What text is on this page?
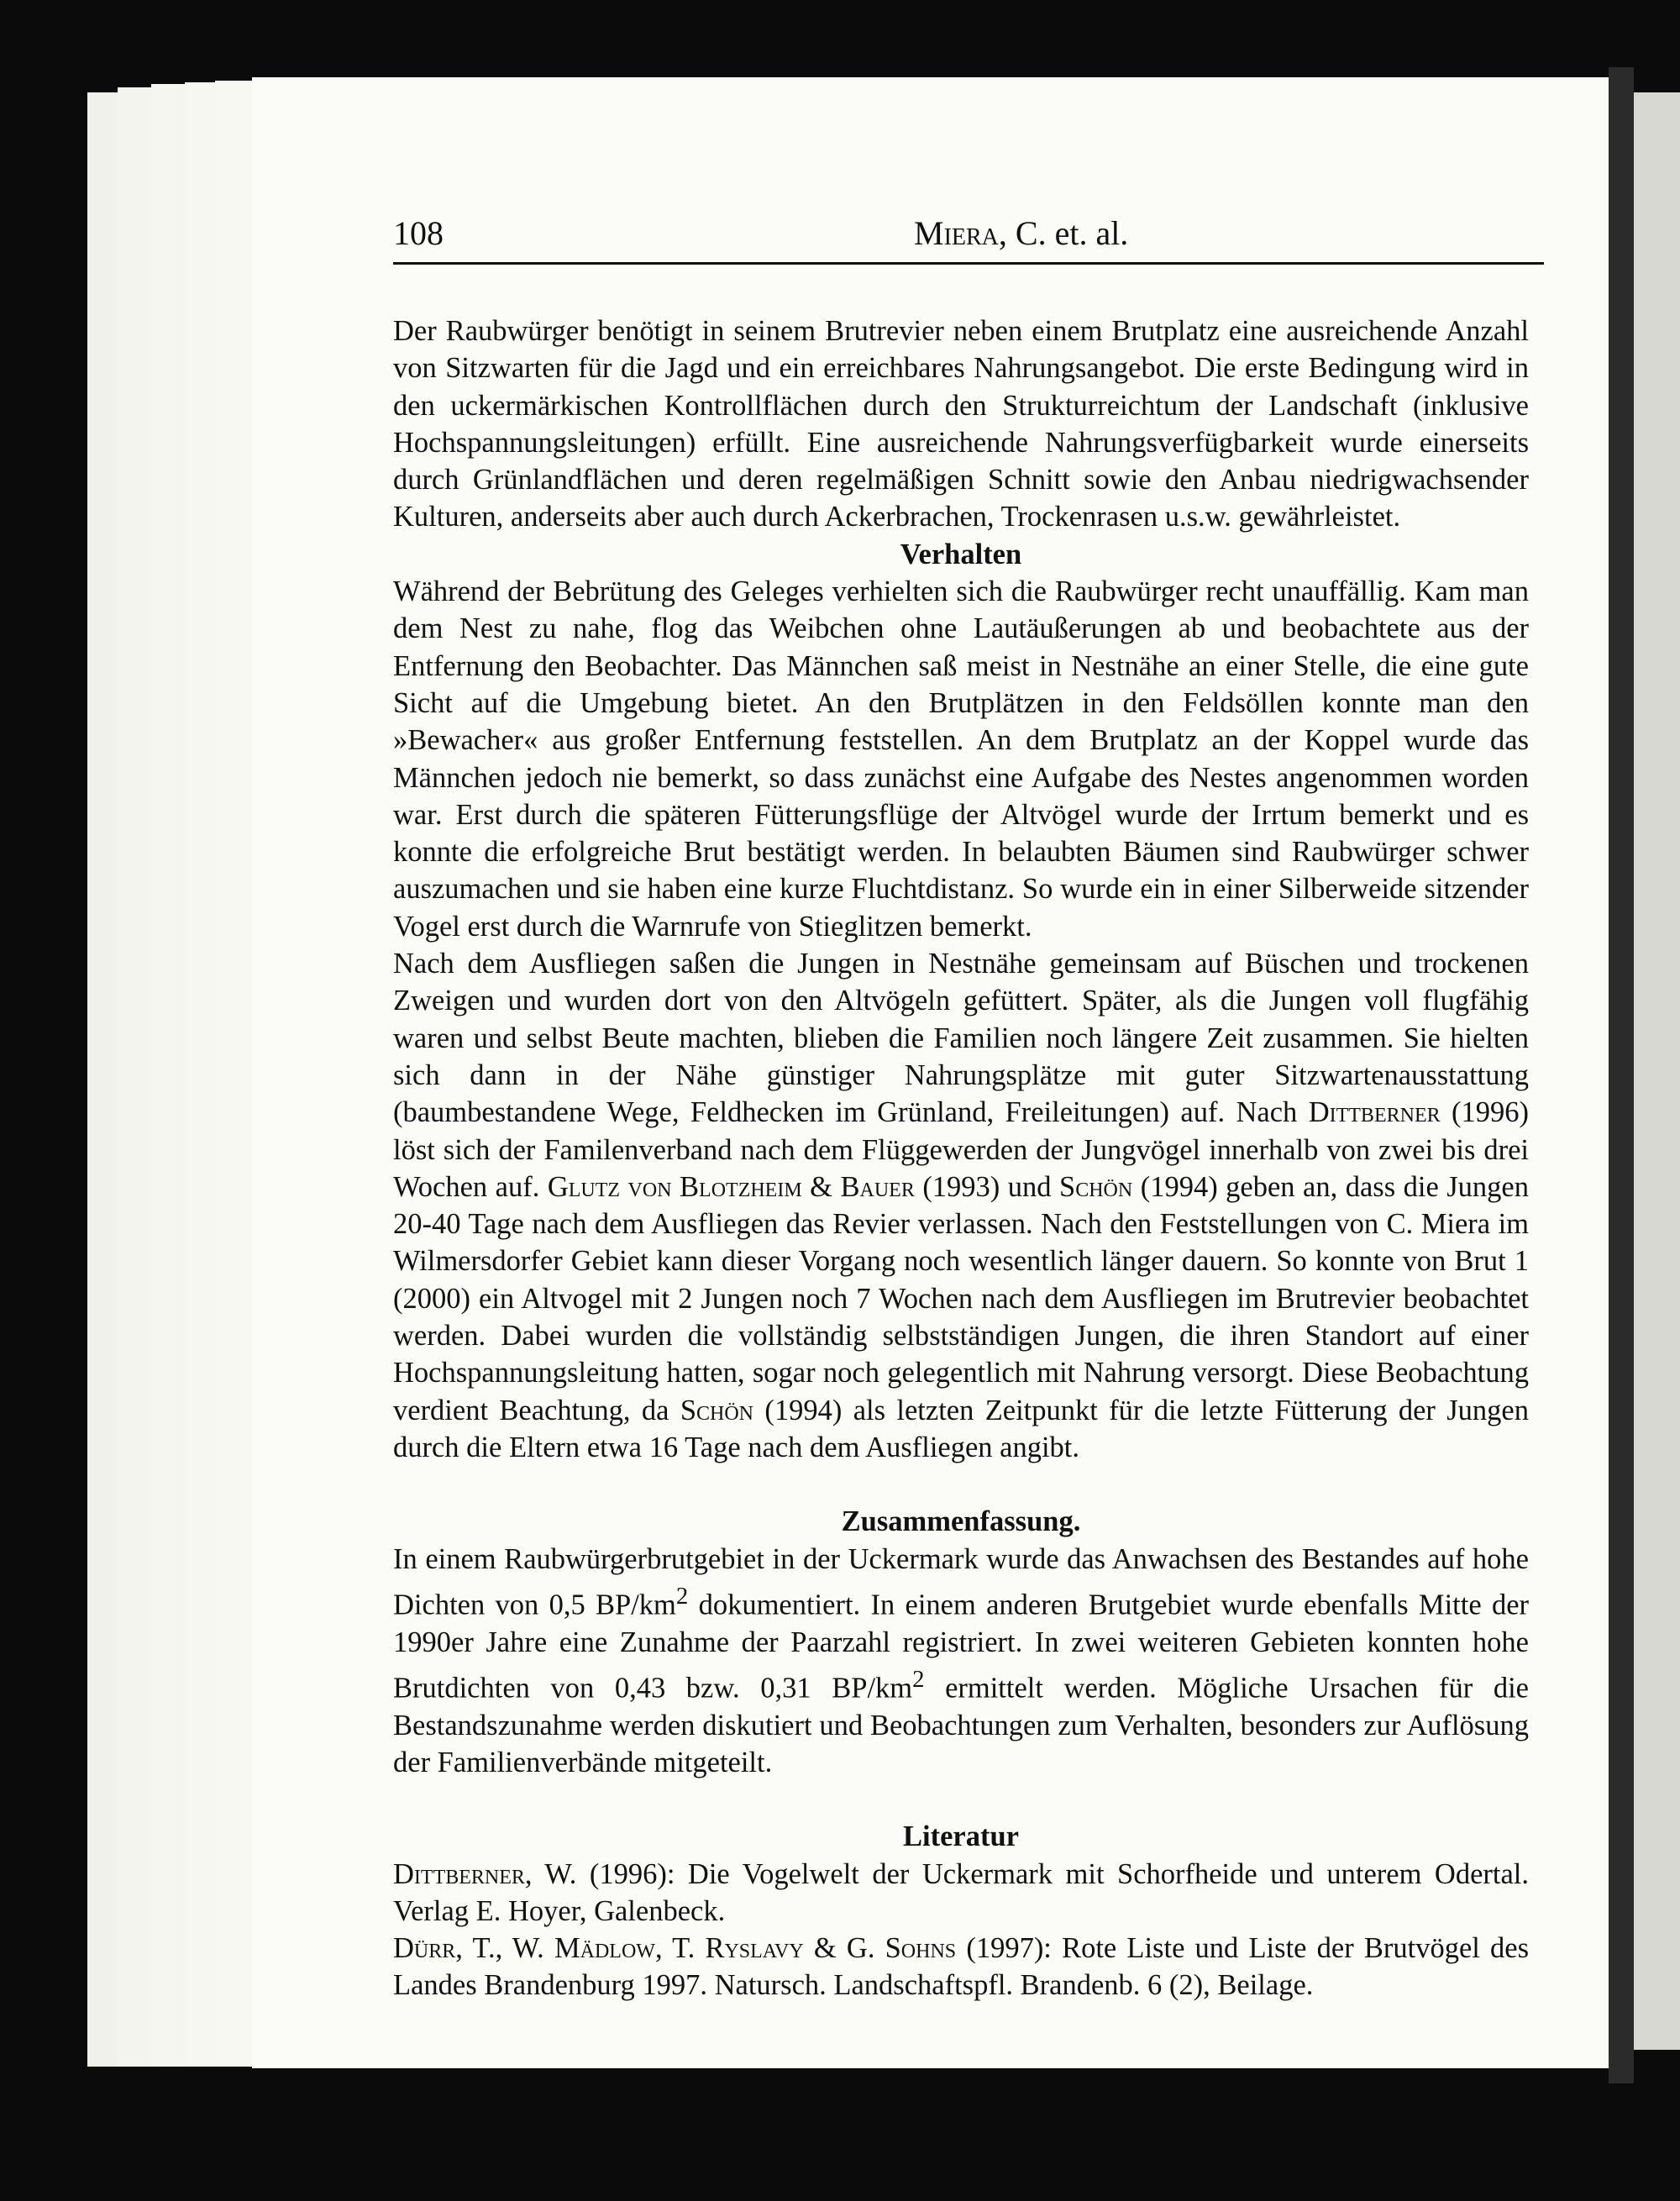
108	Miera, C. et. al.

Der Raubwürger benötigt in seinem Brutrevier neben einem Brutplatz eine ausreichende Anzahl von Sitzwarten für die Jagd und ein erreichbares Nahrungsangebot. Die erste Bedingung wird in den uckermärkischen Kontrollflächen durch den Strukturreichtum der Landschaft (inklusive Hochspannungsleitungen) erfüllt. Eine ausreichende Nahrungsverfügbarkeit wurde einerseits durch Grünlandflächen und deren regelmäßigen Schnitt sowie den Anbau niedrigwachsender Kulturen, anderseits aber auch durch Ackerbrachen, Trockenrasen u.s.w. gewährleistet.

Verhalten

Während der Bebrütung des Geleges verhielten sich die Raubwürger recht unauffällig. Kam man dem Nest zu nahe, flog das Weibchen ohne Lautäußerungen ab und beobachtete aus der Entfernung den Beobachter. Das Männchen saß meist in Nestnähe an einer Stelle, die eine gute Sicht auf die Umgebung bietet. An den Brutplätzen in den Feldsöllen konnte man den »Bewacher« aus großer Entfernung feststellen. An dem Brutplatz an der Koppel wurde das Männchen jedoch nie bemerkt, so dass zunächst eine Aufgabe des Nestes angenommen worden war. Erst durch die späteren Fütterungsflüge der Altvögel wurde der Irrtum bemerkt und es konnte die erfolgreiche Brut bestätigt werden. In belaubten Bäumen sind Raubwürger schwer auszumachen und sie haben eine kurze Fluchtdistanz. So wurde ein in einer Silberweide sitzender Vogel erst durch die Warnrufe von Stieglitzen bemerkt.

Nach dem Ausfliegen saßen die Jungen in Nestnähe gemeinsam auf Büschen und trockenen Zweigen und wurden dort von den Altvögeln gefüttert. Später, als die Jungen voll flugfähig waren und selbst Beute machten, blieben die Familien noch längere Zeit zusammen. Sie hielten sich dann in der Nähe günstiger Nahrungsplätze mit guter Sitzwartenausstattung (baumbestandene Wege, Feldhecken im Grünland, Freileitungen) auf. Nach Dittberner (1996) löst sich der Familenverband nach dem Flüggewerden der Jungvögel innerhalb von zwei bis drei Wochen auf. Glutz von Blotzheim & Bauer (1993) und Schön (1994) geben an, dass die Jungen 20-40 Tage nach dem Ausfliegen das Revier verlassen. Nach den Feststellungen von C. Miera im Wilmersdorfer Gebiet kann dieser Vorgang noch wesentlich länger dauern. So konnte von Brut 1 (2000) ein Altvogel mit 2 Jungen noch 7 Wochen nach dem Ausfliegen im Brutrevier beobachtet werden. Dabei wurden die vollständig selbstständigen Jungen, die ihren Standort auf einer Hochspannungsleitung hatten, sogar noch gelegentlich mit Nahrung versorgt. Diese Beobachtung verdient Beachtung, da Schön (1994) als letzten Zeitpunkt für die letzte Fütterung der Jungen durch die Eltern etwa 16 Tage nach dem Ausfliegen angibt.

Zusammenfassung.

In einem Raubwürgerbrutgebiet in der Uckermark wurde das Anwachsen des Bestandes auf hohe Dichten von 0,5 $BP/km^2$ dokumentiert. In einem anderen Brutgebiet wurde ebenfalls Mitte der 1990er Jahre eine Zunahme der Paarzahl registriert. In zwei weiteren Gebieten konnten hohe Brutdichten von 0,43 bzw. 0,31 $BP/km^2$ ermittelt werden. Mögliche Ursachen für die Bestandszunahme werden diskutiert und Beobachtungen zum Verhalten, besonders zur Auflösung der Familienverbände mitgeteilt.

Literatur

Dittberner, W. (1996): Die Vogelwelt der Uckermark mit Schorfheide und unterem Odertal. Verlag E. Hoyer, Galenbeck.

Dürr, T., W. Mädlow, T. Ryslavy & G. Sohns (1997): Rote Liste und Liste der Brutvögel des Landes Brandenburg 1997. Natursch. Landschaftspfl. Brandenb. 6 (2), Beilage.
